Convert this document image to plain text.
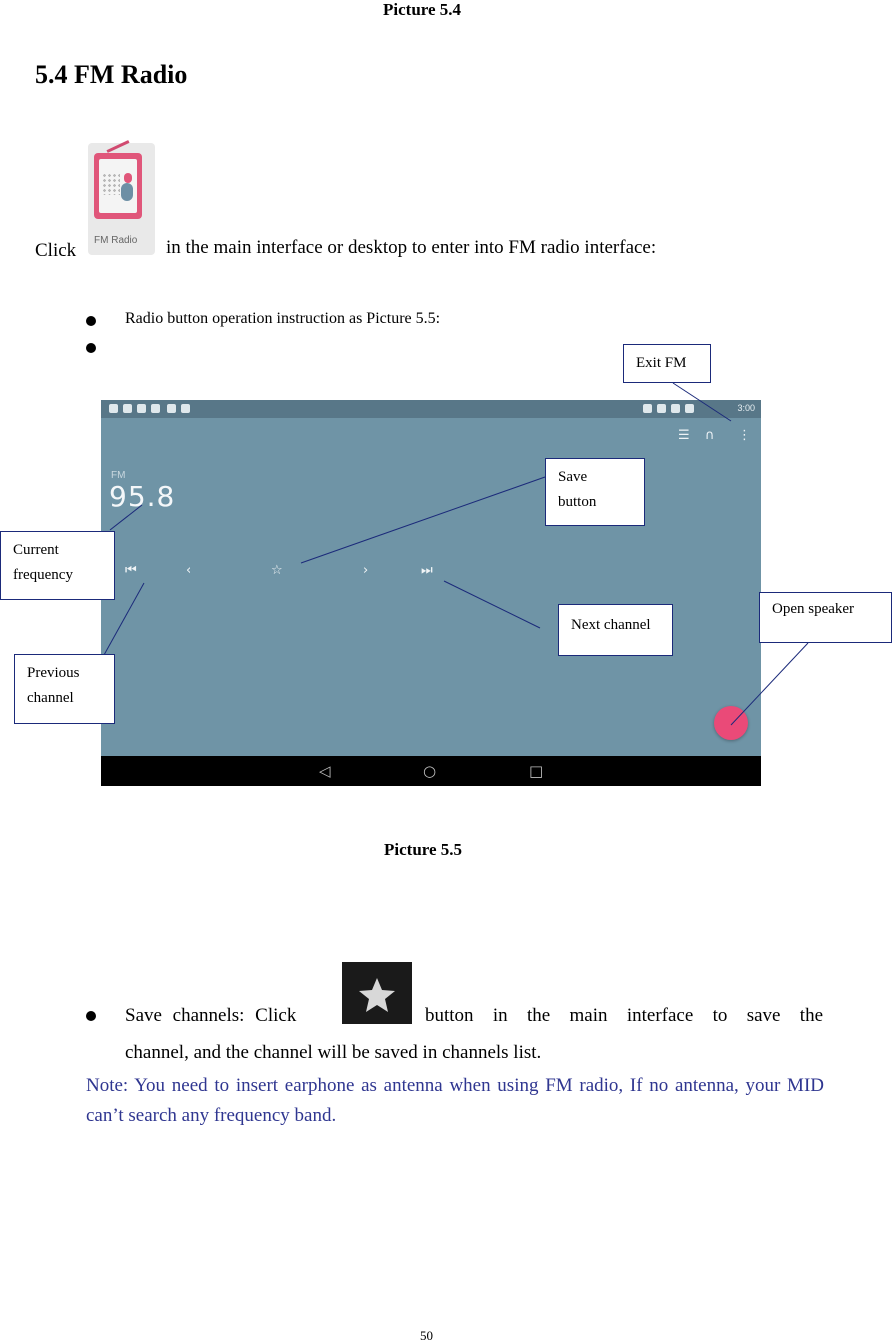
Picture 5.4
5.4 FM Radio
Click FM Radio in the main interface or desktop to enter into FM radio interface:
Radio button operation instruction as Picture 5.5:
3:00
☰ ∩ ⋮
FM
95.8
⏮	‹	☆	›	⏭
◁	○	□
Exit FM
Save
button
Current
frequency
Next channel
Open speaker
Previous
channel
Picture 5.5
Save channels: Click	button in the main interface to save the
channel, and the channel will be saved in channels list.
Note: You need to insert earphone as antenna when using FM radio, If no antenna, your MID can’t search any frequency band.
50
